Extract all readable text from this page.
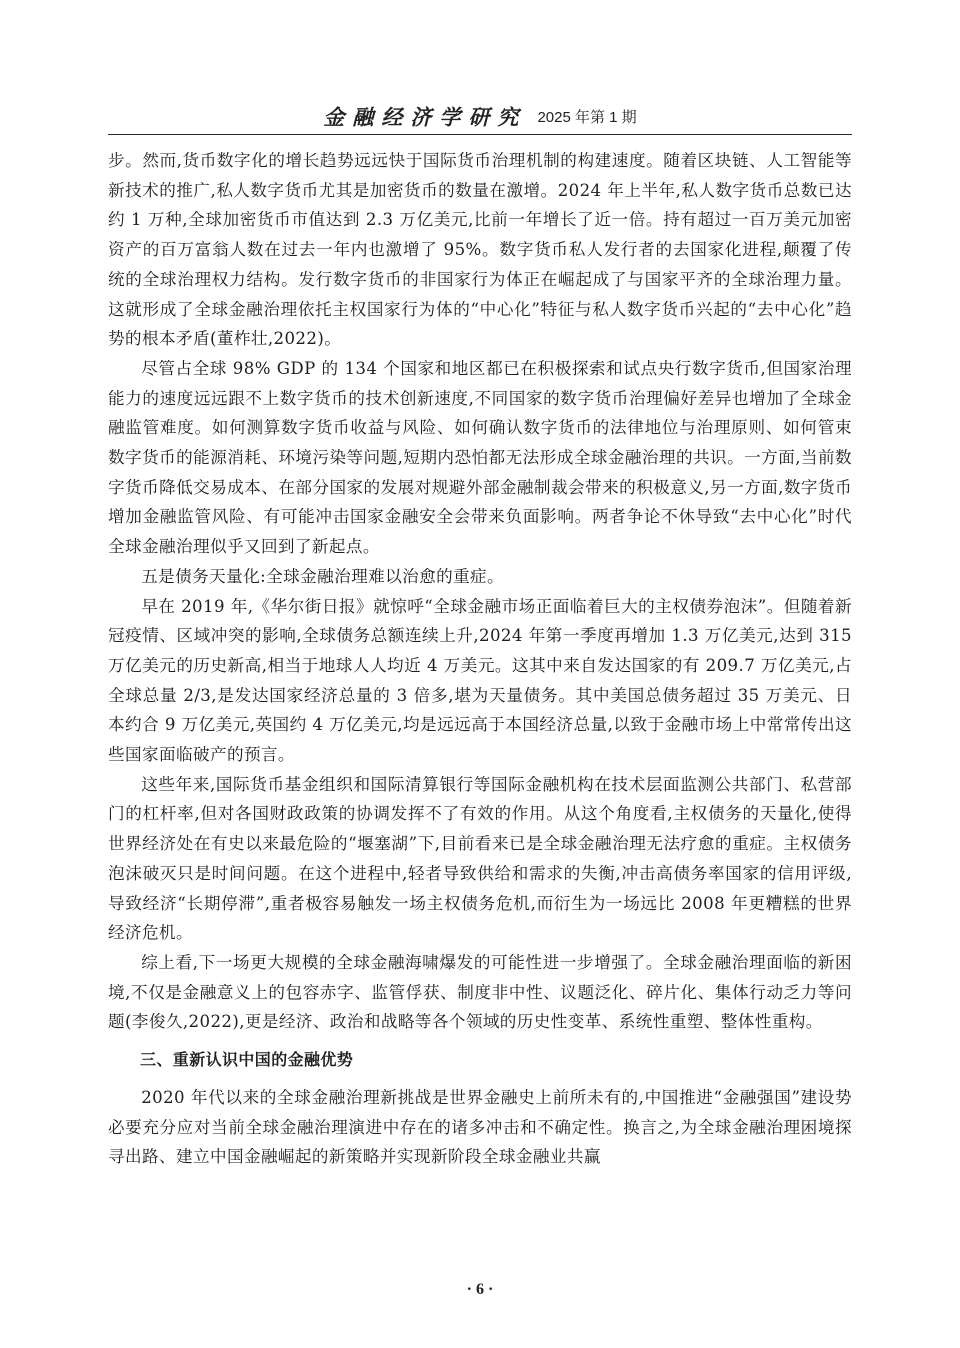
金融经济学研究 2025 年第 1 期

步。然而,货币数字化的增长趋势远远快于国际货币治理机制的构建速度。随着区块链、人工智能等新技术的推广,私人数字货币尤其是加密货币的数量在激增。2024 年上半年,私人数字货币总数已达约 1 万种,全球加密货币市值达到 2.3 万亿美元,比前一年增长了近一倍。持有超过一百万美元加密资产的百万富翁人数在过去一年内也激增了 95%。数字货币私人发行者的去国家化进程,颠覆了传统的全球治理权力结构。发行数字货币的非国家行为体正在崛起成了与国家平齐的全球治理力量。这就形成了全球金融治理依托主权国家行为体的“中心化”特征与私人数字货币兴起的“去中心化”趋势的根本矛盾(董柞壮,2022)。

尽管占全球 98% GDP 的 134 个国家和地区都已在积极探索和试点央行数字货币,但国家治理能力的速度远远跟不上数字货币的技术创新速度,不同国家的数字货币治理偏好差异也增加了全球金融监管难度。如何测算数字货币收益与风险、如何确认数字货币的法律地位与治理原则、如何管束数字货币的能源消耗、环境污染等问题,短期内恐怕都无法形成全球金融治理的共识。一方面,当前数字货币降低交易成本、在部分国家的发展对规避外部金融制裁会带来的积极意义,另一方面,数字货币增加金融监管风险、有可能冲击国家金融安全会带来负面影响。两者争论不休导致“去中心化”时代全球金融治理似乎又回到了新起点。

五是债务天量化:全球金融治理难以治愈的重症。

早在 2019 年,《华尔街日报》就惊呼“全球金融市场正面临着巨大的主权债券泡沫”。但随着新冠疫情、区域冲突的影响,全球债务总额连续上升,2024 年第一季度再增加 1.3 万亿美元,达到 315 万亿美元的历史新高,相当于地球人人均近 4 万美元。这其中来自发达国家的有 209.7 万亿美元,占全球总量 2/3,是发达国家经济总量的 3 倍多,堪为天量债务。其中美国总债务超过 35 万美元、日本约合 9 万亿美元,英国约 4 万亿美元,均是远远高于本国经济总量,以致于金融市场上中常常传出这些国家面临破产的预言。

这些年来,国际货币基金组织和国际清算银行等国际金融机构在技术层面监测公共部门、私营部门的杠杆率,但对各国财政政策的协调发挥不了有效的作用。从这个角度看,主权债务的天量化,使得世界经济处在有史以来最危险的“堰塞湖”下,目前看来已是全球金融治理无法疗愈的重症。主权债务泡沫破灭只是时间问题。在这个进程中,轻者导致供给和需求的失衡,冲击高债务率国家的信用评级,导致经济“长期停滞”,重者极容易触发一场主权债务危机,而衍生为一场远比 2008 年更糟糕的世界经济危机。

综上看,下一场更大规模的全球金融海啸爆发的可能性进一步增强了。全球金融治理面临的新困境,不仅是金融意义上的包容赤字、监管俘获、制度非中性、议题泛化、碎片化、集体行动乏力等问题(李俊久,2022),更是经济、政治和战略等各个领域的历史性变革、系统性重塑、整体性重构。

三、重新认识中国的金融优势

2020 年代以来的全球金融治理新挑战是世界金融史上前所未有的,中国推进“金融强国”建设势必要充分应对当前全球金融治理演进中存在的诸多冲击和不确定性。换言之,为全球金融治理困境探寻出路、建立中国金融崛起的新策略并实现新阶段全球金融业共赢

· 6 ·
